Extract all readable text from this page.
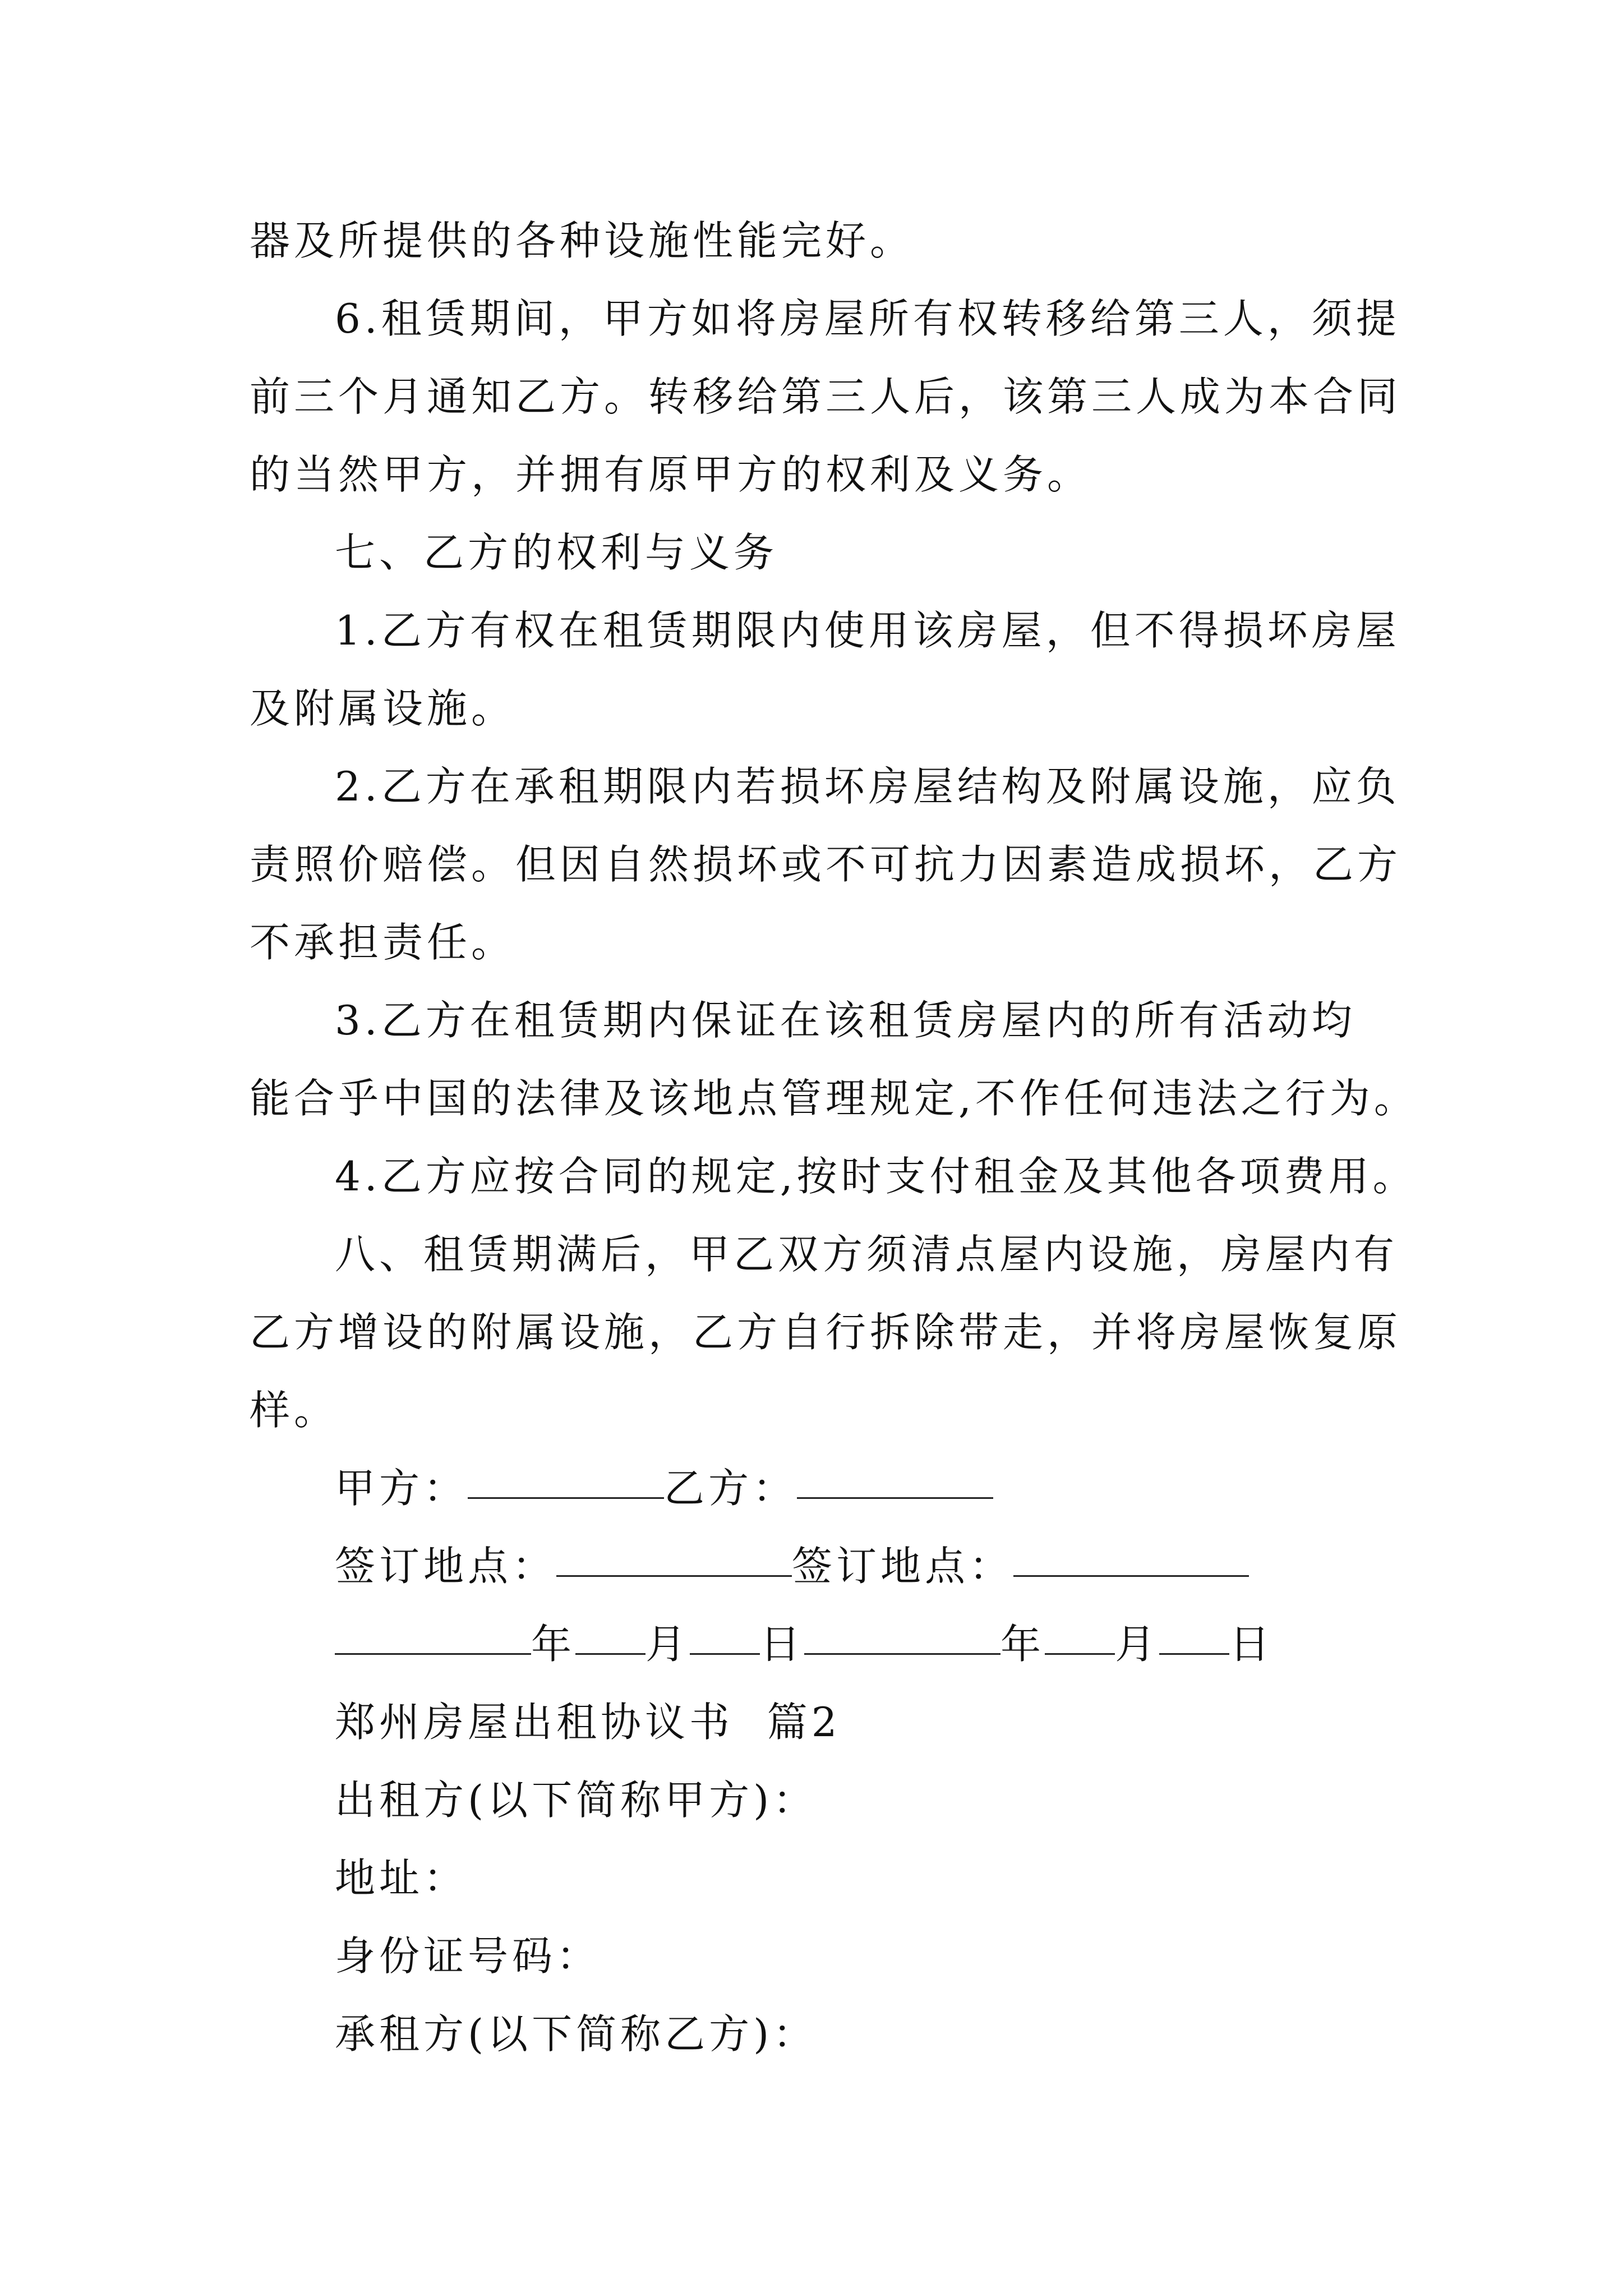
器及所提供的各种设施性能完好。
6.租赁期间，甲方如将房屋所有权转移给第三人，须提
前三个月通知乙方。转移给第三人后，该第三人成为本合同
的当然甲方，并拥有原甲方的权利及义务。
七、乙方的权利与义务
1.乙方有权在租赁期限内使用该房屋，但不得损坏房屋
及附属设施。
2.乙方在承租期限内若损坏房屋结构及附属设施，应负
责照价赔偿。但因自然损坏或不可抗力因素造成损坏，乙方
不承担责任。
3.乙方在租赁期内保证在该租赁房屋内的所有活动均
能合乎中国的法律及该地点管理规定,不作任何违法之行为。
4.乙方应按合同的规定,按时支付租金及其他各项费用。
八、租赁期满后，甲乙双方须清点屋内设施，房屋内有
乙方增设的附属设施，乙方自行拆除带走，并将房屋恢复原
样。
甲方：	乙方：
签订地点：	签订地点：
年 月 日	年 月 日
郑州房屋出租协议书  篇2
出租方(以下简称甲方)：
地址：
身份证号码：
承租方(以下简称乙方)：
